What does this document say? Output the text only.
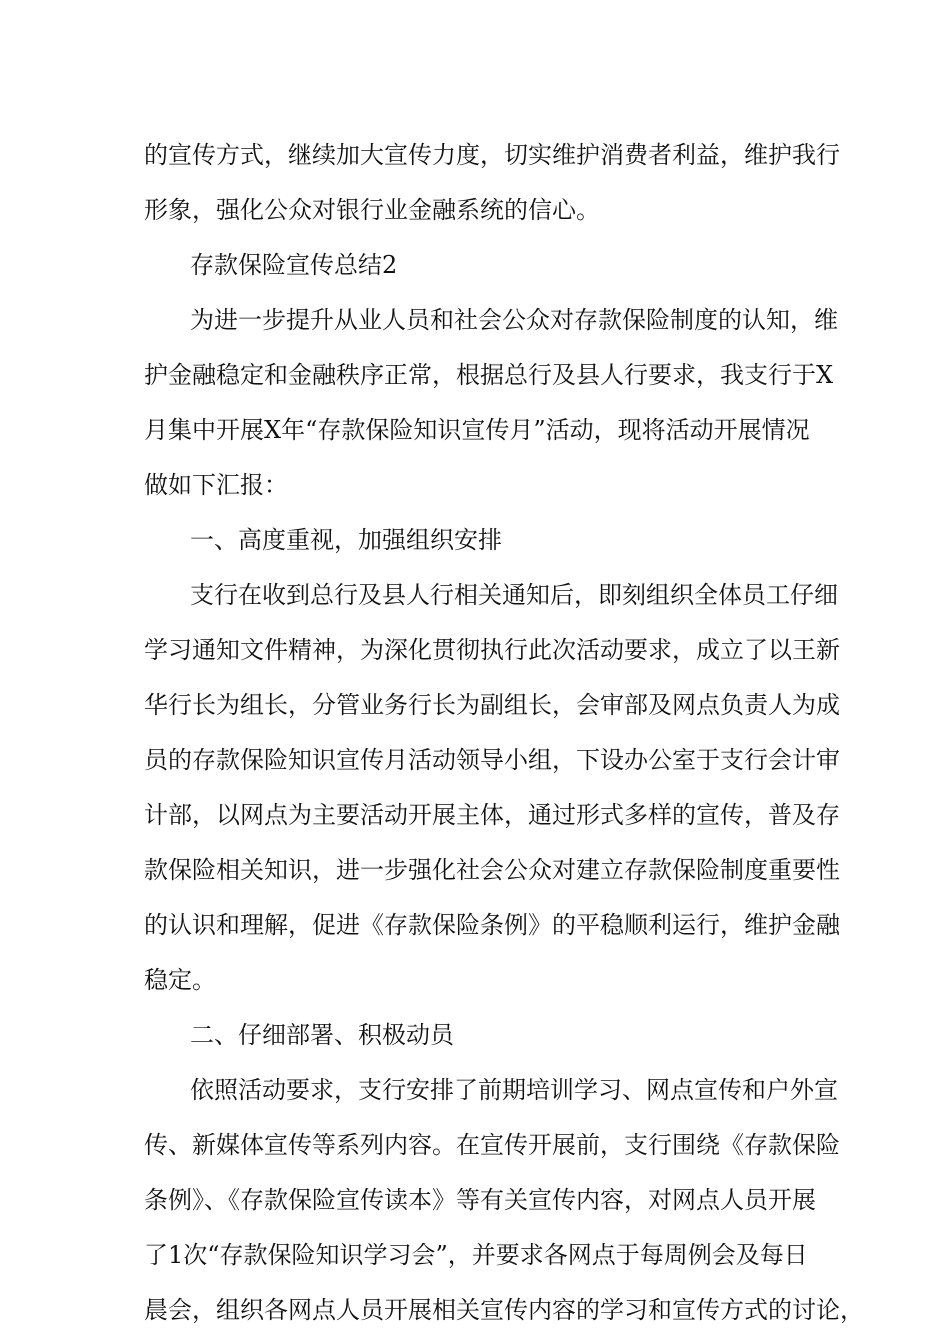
的宣传方式，继续加大宣传力度，切实维护消费者利益，维护我行
形象，强化公众对银行业金融系统的信心。
存款保险宣传总结2
为进一步提升从业人员和社会公众对存款保险制度的认知，维
护金融稳定和金融秩序正常，根据总行及县人行要求，我支行于X
月集中开展X年“存款保险知识宣传月”活动，现将活动开展情况
做如下汇报：
一、高度重视，加强组织安排
支行在收到总行及县人行相关通知后，即刻组织全体员工仔细
学习通知文件精神，为深化贯彻执行此次活动要求，成立了以王新
华行长为组长，分管业务行长为副组长，会审部及网点负责人为成
员的存款保险知识宣传月活动领导小组，下设办公室于支行会计审
计部，以网点为主要活动开展主体，通过形式多样的宣传，普及存
款保险相关知识，进一步强化社会公众对建立存款保险制度重要性
的认识和理解，促进《存款保险条例》的平稳顺利运行，维护金融
稳定。
二、仔细部署、积极动员
依照活动要求，支行安排了前期培训学习、网点宣传和户外宣
传、新媒体宣传等系列内容。在宣传开展前，支行围绕《存款保险
条例》、《存款保险宣传读本》等有关宣传内容，对网点人员开展
了1次“存款保险知识学习会”，并要求各网点于每周例会及每日
晨会，组织各网点人员开展相关宣传内容的学习和宣传方式的讨论，
